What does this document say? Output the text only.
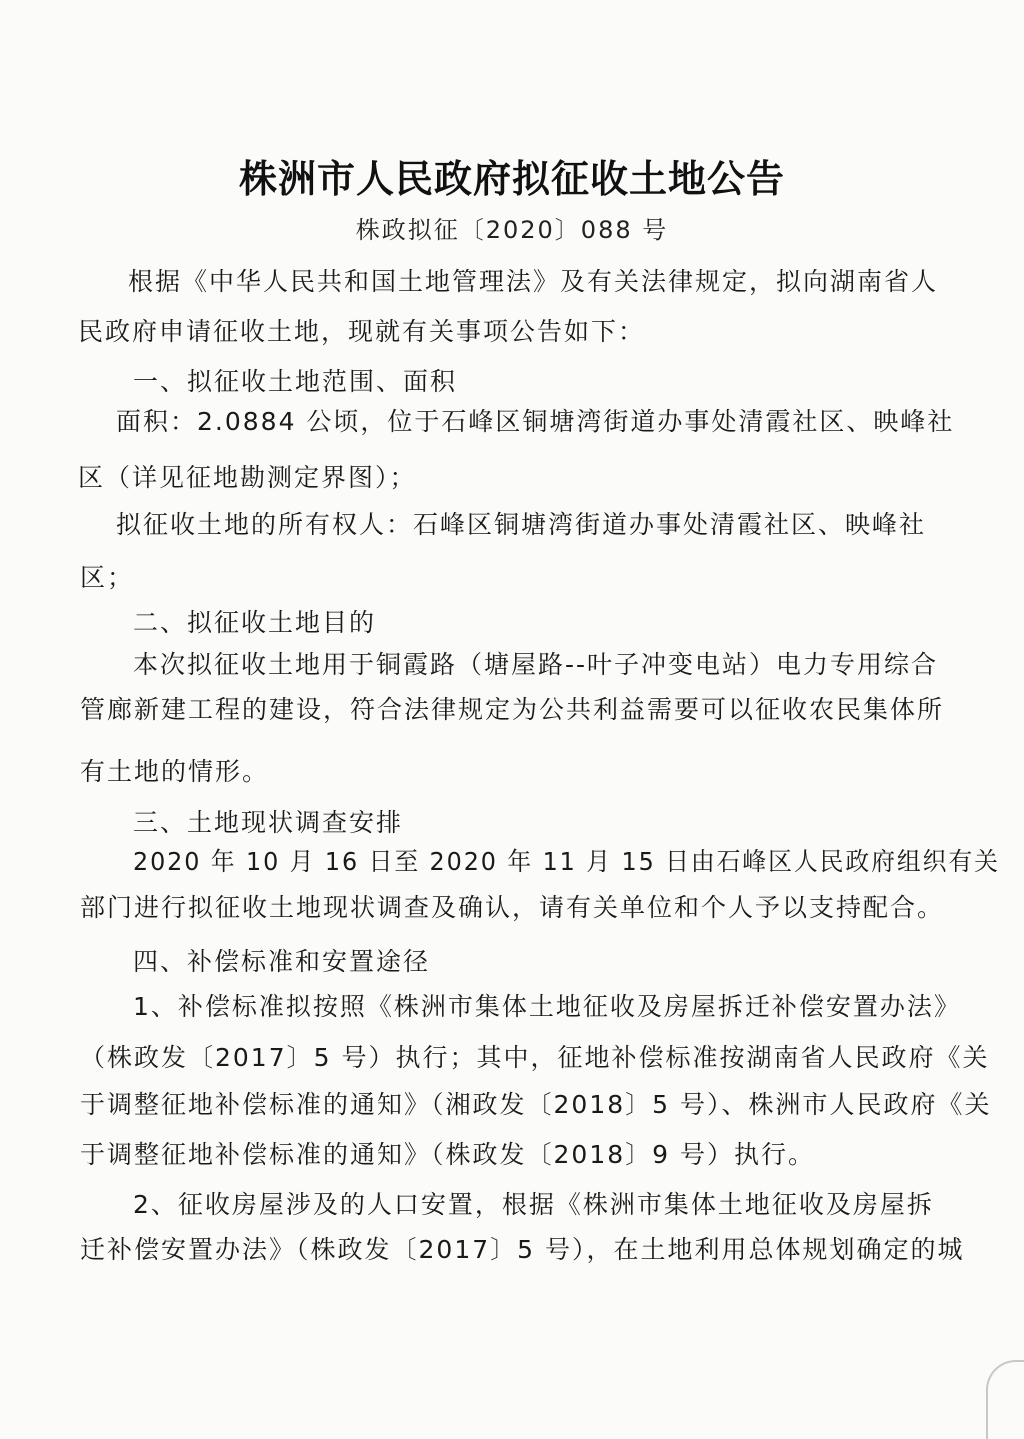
株洲市人民政府拟征收土地公告
株政拟征〔2020〕088 号
根据《中华人民共和国土地管理法》及有关法律规定，拟向湖南省人
民政府申请征收土地，现就有关事项公告如下：
一、拟征收土地范围、面积
面积：2.0884 公顷，位于石峰区铜塘湾街道办事处清霞社区、映峰社
区（详见征地勘测定界图）；
拟征收土地的所有权人：石峰区铜塘湾街道办事处清霞社区、映峰社
区；
二、拟征收土地目的
本次拟征收土地用于铜霞路（塘屋路--叶子冲变电站）电力专用综合
管廊新建工程的建设，符合法律规定为公共利益需要可以征收农民集体所
有土地的情形。
三、土地现状调查安排
2020 年 10 月 16 日至 2020 年 11 月 15 日由石峰区人民政府组织有关
部门进行拟征收土地现状调查及确认，请有关单位和个人予以支持配合。
四、补偿标准和安置途径
1、补偿标准拟按照《株洲市集体土地征收及房屋拆迁补偿安置办法》
（株政发〔2017〕5 号）执行；其中，征地补偿标准按湖南省人民政府《关
于调整征地补偿标准的通知》（湘政发〔2018〕5 号）、株洲市人民政府《关
于调整征地补偿标准的通知》（株政发〔2018〕9 号）执行。
2、征收房屋涉及的人口安置，根据《株洲市集体土地征收及房屋拆
迁补偿安置办法》（株政发〔2017〕5 号），在土地利用总体规划确定的城
